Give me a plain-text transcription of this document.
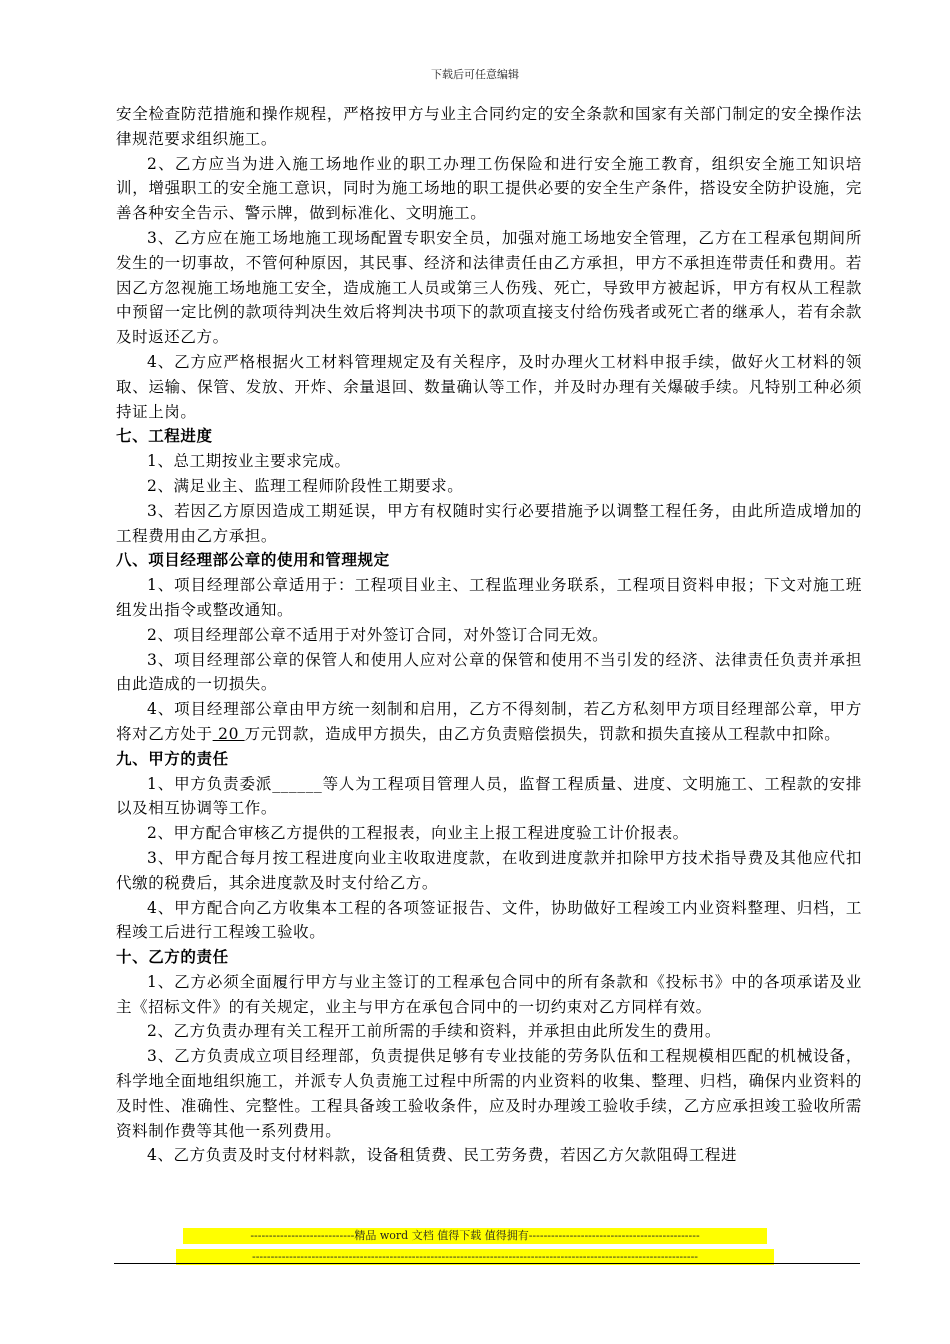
下载后可任意编辑

安全检查防范措施和操作规程，严格按甲方与业主合同约定的安全条款和国家有关部门制定的安全操作法律规范要求组织施工。

2、乙方应当为进入施工场地作业的职工办理工伤保险和进行安全施工教育，组织安全施工知识培训，增强职工的安全施工意识，同时为施工场地的职工提供必要的安全生产条件，搭设安全防护设施，完善各种安全告示、警示牌，做到标准化、文明施工。

3、乙方应在施工场地施工现场配置专职安全员，加强对施工场地安全管理，乙方在工程承包期间所发生的一切事故，不管何种原因，其民事、经济和法律责任由乙方承担，甲方不承担连带责任和费用。若因乙方忽视施工场地施工安全，造成施工人员或第三人伤残、死亡，导致甲方被起诉，甲方有权从工程款中预留一定比例的款项待判决生效后将判决书项下的款项直接支付给伤残者或死亡者的继承人，若有余款及时返还乙方。

4、乙方应严格根据火工材料管理规定及有关程序，及时办理火工材料申报手续，做好火工材料的领取、运输、保管、发放、开炸、余量退回、数量确认等工作，并及时办理有关爆破手续。凡特别工种必须持证上岗。

七、工程进度

1、总工期按业主要求完成。

2、满足业主、监理工程师阶段性工期要求。

3、若因乙方原因造成工期延误，甲方有权随时实行必要措施予以调整工程任务，由此所造成增加的工程费用由乙方承担。

八、项目经理部公章的使用和管理规定

1、项目经理部公章适用于：工程项目业主、工程监理业务联系，工程项目资料申报；下文对施工班组发出指令或整改通知。

2、项目经理部公章不适用于对外签订合同，对外签订合同无效。

3、项目经理部公章的保管人和使用人应对公章的保管和使用不当引发的经济、法律责任负责并承担由此造成的一切损失。

4、项目经理部公章由甲方统一刻制和启用，乙方不得刻制，若乙方私刻甲方项目经理部公章，甲方将对乙方处于 20 万元罚款，造成甲方损失，由乙方负责赔偿损失，罚款和损失直接从工程款中扣除。

九、甲方的责任

1、甲方负责委派______等人为工程项目管理人员，监督工程质量、进度、文明施工、工程款的安排以及相互协调等工作。

2、甲方配合审核乙方提供的工程报表，向业主上报工程进度验工计价报表。

3、甲方配合每月按工程进度向业主收取进度款，在收到进度款并扣除甲方技术指导费及其他应代扣代缴的税费后，其余进度款及时支付给乙方。

4、甲方配合向乙方收集本工程的各项签证报告、文件，协助做好工程竣工内业资料整理、归档，工程竣工后进行工程竣工验收。

十、乙方的责任

1、乙方必须全面履行甲方与业主签订的工程承包合同中的所有条款和《投标书》中的各项承诺及业主《招标文件》的有关规定，业主与甲方在承包合同中的一切约束对乙方同样有效。

2、乙方负责办理有关工程开工前所需的手续和资料，并承担由此所发生的费用。

3、乙方负责成立项目经理部，负责提供足够有专业技能的劳务队伍和工程规模相匹配的机械设备，科学地全面地组织施工，并派专人负责施工过程中所需的内业资料的收集、整理、归档，确保内业资料的及时性、准确性、完整性。工程具备竣工验收条件，应及时办理竣工验收手续，乙方应承担竣工验收所需资料制作费等其他一系列费用。

4、乙方负责及时支付材料款，设备租赁费、民工劳务费，若因乙方欠款阻碍工程进

----------------------------精品 word 文档 值得下载 值得拥有----------------------------------------------
------------------------------------------------------------------------------------------------------------------------
